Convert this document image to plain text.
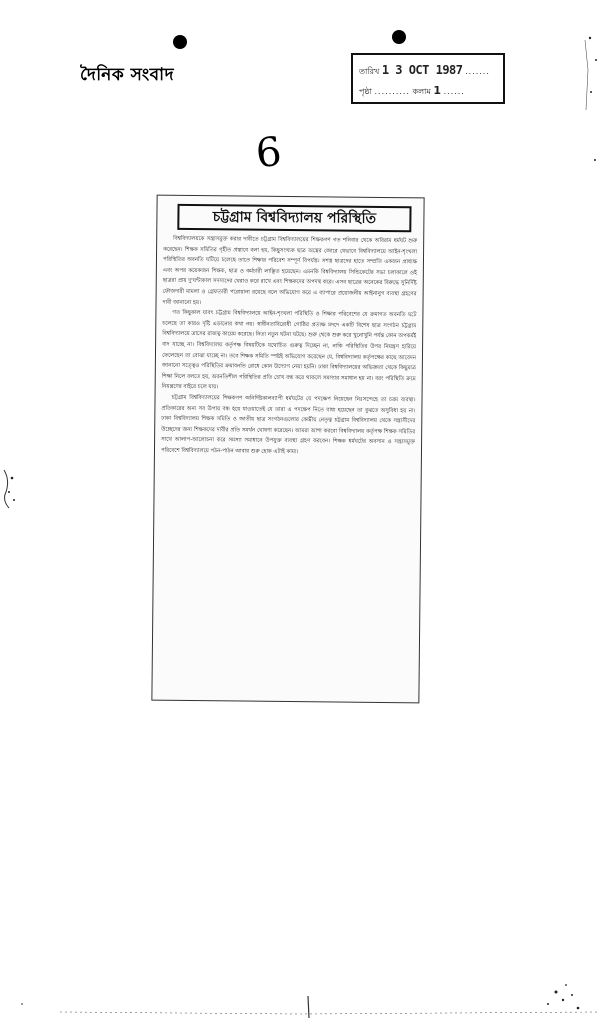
দৈনিক সংবাদ	তারিখ 1 3 OCT 1987 .......
পৃষ্ঠা .......... কলাম 1 ......
6
চট্টগ্রাম বিশ্ববিদ্যালয় পরিস্থিতি

বিশ্ববিদ্যালয়কে সন্ত্রাসমুক্ত করার দাবীতে চট্টগ্রাম বিশ্ববিদ্যালয়ের শিক্ষকগণ গত শনিবার থেকে অবিরাম ধর্মঘট শুরু করেছেন। শিক্ষক সমিতির গৃহীত প্রস্তাবে বলা হয়, কিছুসংখ্যক ছাত্র অস্ত্রের জোরে যেভাবে বিশ্ববিদ্যালয়ে আইন-শৃংখলা পরিস্থিতির অবনতি ঘটিয়ে চলেছে তাতে শিক্ষার পরিবেশ সম্পূর্ণ বিপর্যস্ত। সশস্ত্র ছাত্রদের হাতে সম্প্রতি একজন প্রাধ্যক্ষ এবং অপর কয়েকজন শিক্ষক, ছাত্র ও কর্মচারী লাঞ্ছিত হয়েছেন। এমনকি বিশ্ববিদ্যালয় সিন্ডিকেটের সভা চলাকালে ওই ছাত্ররা প্রায় দু'ঘন্টাকাল সদস্যদের ঘেরাও করে রাখে এবং শিক্ষকদের অপদস্থ করে। এসব ছাত্রের অনেকের বিরুদ্ধে সুনির্দিষ্ট ফৌজদারী মামলা ও গ্রেফতারী পরোয়ানা রয়েছে বলে অভিযোগ করে এ ব্যাপারে প্রয়োজনীয় আইনানুগ ব্যবস্থা গ্রহণের দাবী জানানো হয়।

গত কিছুকাল যাবৎ চট্টগ্রাম বিশ্ববিদ্যালয়ে আইন-শৃংখলা পরিস্থিতি ও শিক্ষার পরিবেশের যে ক্রমাগত অবনতি ঘটে চলেছে তা কারও দৃষ্টি এড়ানোর কথা নয়। স্বাধীনতাবিরোধী গোষ্ঠির প্রত্যক্ষ মদদে একটি বিশেষ ছাত্র সংগঠন চট্টগ্রাম বিশ্ববিদ্যালয়ে ত্রাসের রাজত্ব কায়েম করেছে। নিত্য নতুন ঘটনা ঘটছে। শুরু থেকে শুরু করে খুনোখুনি পর্যন্ত কোন অপকর্মই বাদ যাচ্ছে না। বিশ্ববিদ্যালয় কর্তৃপক্ষ বিষয়টিকে যথোচিত গুরুত্ব দিচ্ছেন না, নাকি পরিস্থিতির উপর নিয়ন্ত্রণ হারিয়ে ফেলেছেন তা বোঝা যাচ্ছে না। তবে শিক্ষক সমিতি স্পষ্টই অভিযোগ করেছেন যে, বিশ্ববিদ্যালয় কর্তৃপক্ষের কাছে আবেদন জানানো সত্ত্বেও পরিস্থিতির ক্রমাবনতি রোধে কোন উদ্যোগ নেয়া হয়নি। ঢাকা বিশ্ববিদ্যালয়ের অভিজ্ঞতা থেকে কিছুমাত্র শিক্ষা নিলে বলতে হয়, অবনতিশীল পরিস্থিতির প্রতি চোখ বন্ধ করে থাকলে সমস্যার সমাধান হয় না। বরং পরিস্থিতি ক্রমে নিয়ন্ত্রণের বাইরে চলে যায়।

চট্টগ্রাম বিশ্ববিদ্যালয়ের শিক্ষকগণ অনির্দিষ্টকালব্যাপী ধর্মঘটের যে পদক্ষেপ নিয়েছেন নিঃসন্দেহে তা চরম ব্যবস্থা। প্রতিকারের অন্য সব উপায় বন্ধ হয়ে যাওয়াতেই যে তারা এ পদক্ষেপ নিতে বাধ্য হয়েছেন তা বুঝতে অসুবিধা হয় না। ঢাকা বিশ্ববিদ্যালয় শিক্ষক সমিতি ও জাতীয় ছাত্র সংগঠনগুলোর কেন্দ্রীয় নেতৃত্ব চট্টগ্রাম বিশ্ববিদ্যালয় থেকে সন্ত্রাসীদের উচ্ছেদের জন্য শিক্ষকদের দাবীর প্রতি সমর্থন ঘোষণা করেছেন। আমরা আশা করবো বিশ্ববিদ্যালয় কর্তৃপক্ষ শিক্ষক সমিতির সাথে আলাপ-আলোচনা করে সমস্যা সমাধানে উপযুক্ত ব্যবস্থা গ্রহণ করবেন। শিক্ষক ধর্মঘটের অবসান ও সন্ত্রাসমুক্ত পরিবেশে বিশ্ববিদ্যালয়ে পঠন-পাঠন আবার শুরু হোক এটাই কাম্য।
